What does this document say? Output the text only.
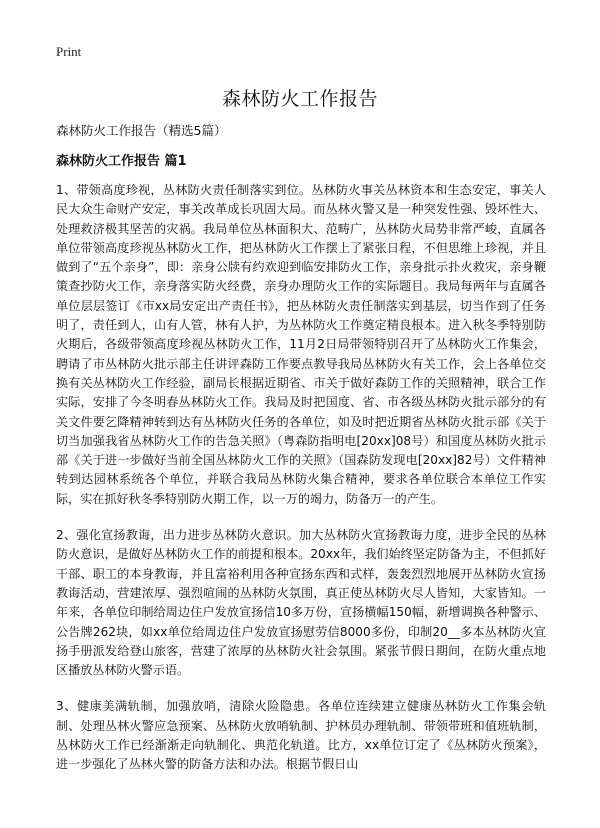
Print
森林防火工作报告

森林防火工作报告（精选5篇）

森林防火工作报告 篇1

1、带领高度珍视，丛林防火责任制落实到位。丛林防火事关丛林资本和生态安定，事关人民大众生命财产安定，事关改革成长巩固大局。而丛林火警又是一种突发性强、毁坏性大、处理救济极其坚苦的灾祸。我局单位丛林面积大、范畴广，丛林防火局势非常严峻，直属各单位带领高度珍视丛林防火工作，把丛林防火工作摆上了紧张日程，不但思维上珍视，并且做到了“五个亲身”，即：亲身公牍有约欢迎到临安排防火工作，亲身批示扑火救灾，亲身鞭策查抄防火工作，亲身落实防火经费，亲身办理防火工作的实际题目。我局每两年与直属各单位层层签订《市xx局安定出产责任书》，把丛林防火责任制落实到基层，切当作到了任务明了，责任到人，山有人管，林有人护，为丛林防火工作奠定精良根本。进入秋冬季特别防火期后，各级带领高度珍视丛林防火工作，11月2日局带领特别召开了丛林防火工作集会，聘请了市丛林防火批示部主任讲评森防工作要点教导我局丛林防火有关工作，会上各单位交换有关丛林防火工作经验，副局长根据近期省、市关于做好森防工作的关照精神，联合工作实际，安排了今冬明春丛林防火工作。我局及时把国度、省、市各级丛林防火批示部分的有关文件要乞降精神转到达有丛林防火任务的各单位，如及时把近期省丛林防火批示部《关于切当加强我省丛林防火工作的告急关照》（粤森防指明电[20xx]08号）和国度丛林防火批示部《关于进一步做好当前全国丛林防火工作的关照》（国森防发现电[20xx]82号）文件精神转到达园林系统各个单位，并联合我局丛林防火集合精神，要求各单位联合本单位工作实际，实在抓好秋冬季特别防火期工作，以一万的竭力，防备万一的产生。

2、强化宣扬教诲，出力进步丛林防火意识。加大丛林防火宣扬教诲力度，进步全民的丛林防火意识，是做好丛林防火工作的前提和根本。20xx年，我们始终坚定防备为主，不但抓好干部、职工的本身教诲，并且富裕利用各种宣扬东西和式样，轰轰烈烈地展开丛林防火宣扬教诲活动，营建浓厚、强烈喧闹的丛林防火氛围，真正使丛林防火尽人皆知，大家皆知。一年来，各单位印制给周边住户发放宣扬信10多万份，宣扬横幅150幅，新增调换各种警示、公告牌262块，如xx单位给周边住户发放宣扬慰劳信8000多份，印制20__多本丛林防火宣扬手册派发给登山旅客，营建了浓厚的丛林防火社会氛围。紧张节假日期间，在防火重点地区播放丛林防火警示语。

3、健康美满轨制，加强放哨，清除火险隐患。各单位连续建立健康丛林防火工作集会轨制、处理丛林火警应急预案、丛林防火放哨轨制、护林员办理轨制、带领带班和值班轨制，丛林防火工作已经渐渐走向轨制化、典范化轨道。比方，xx单位订定了《丛林防火预案》，进一步强化了丛林火警的防备方法和办法。根据节假日山
